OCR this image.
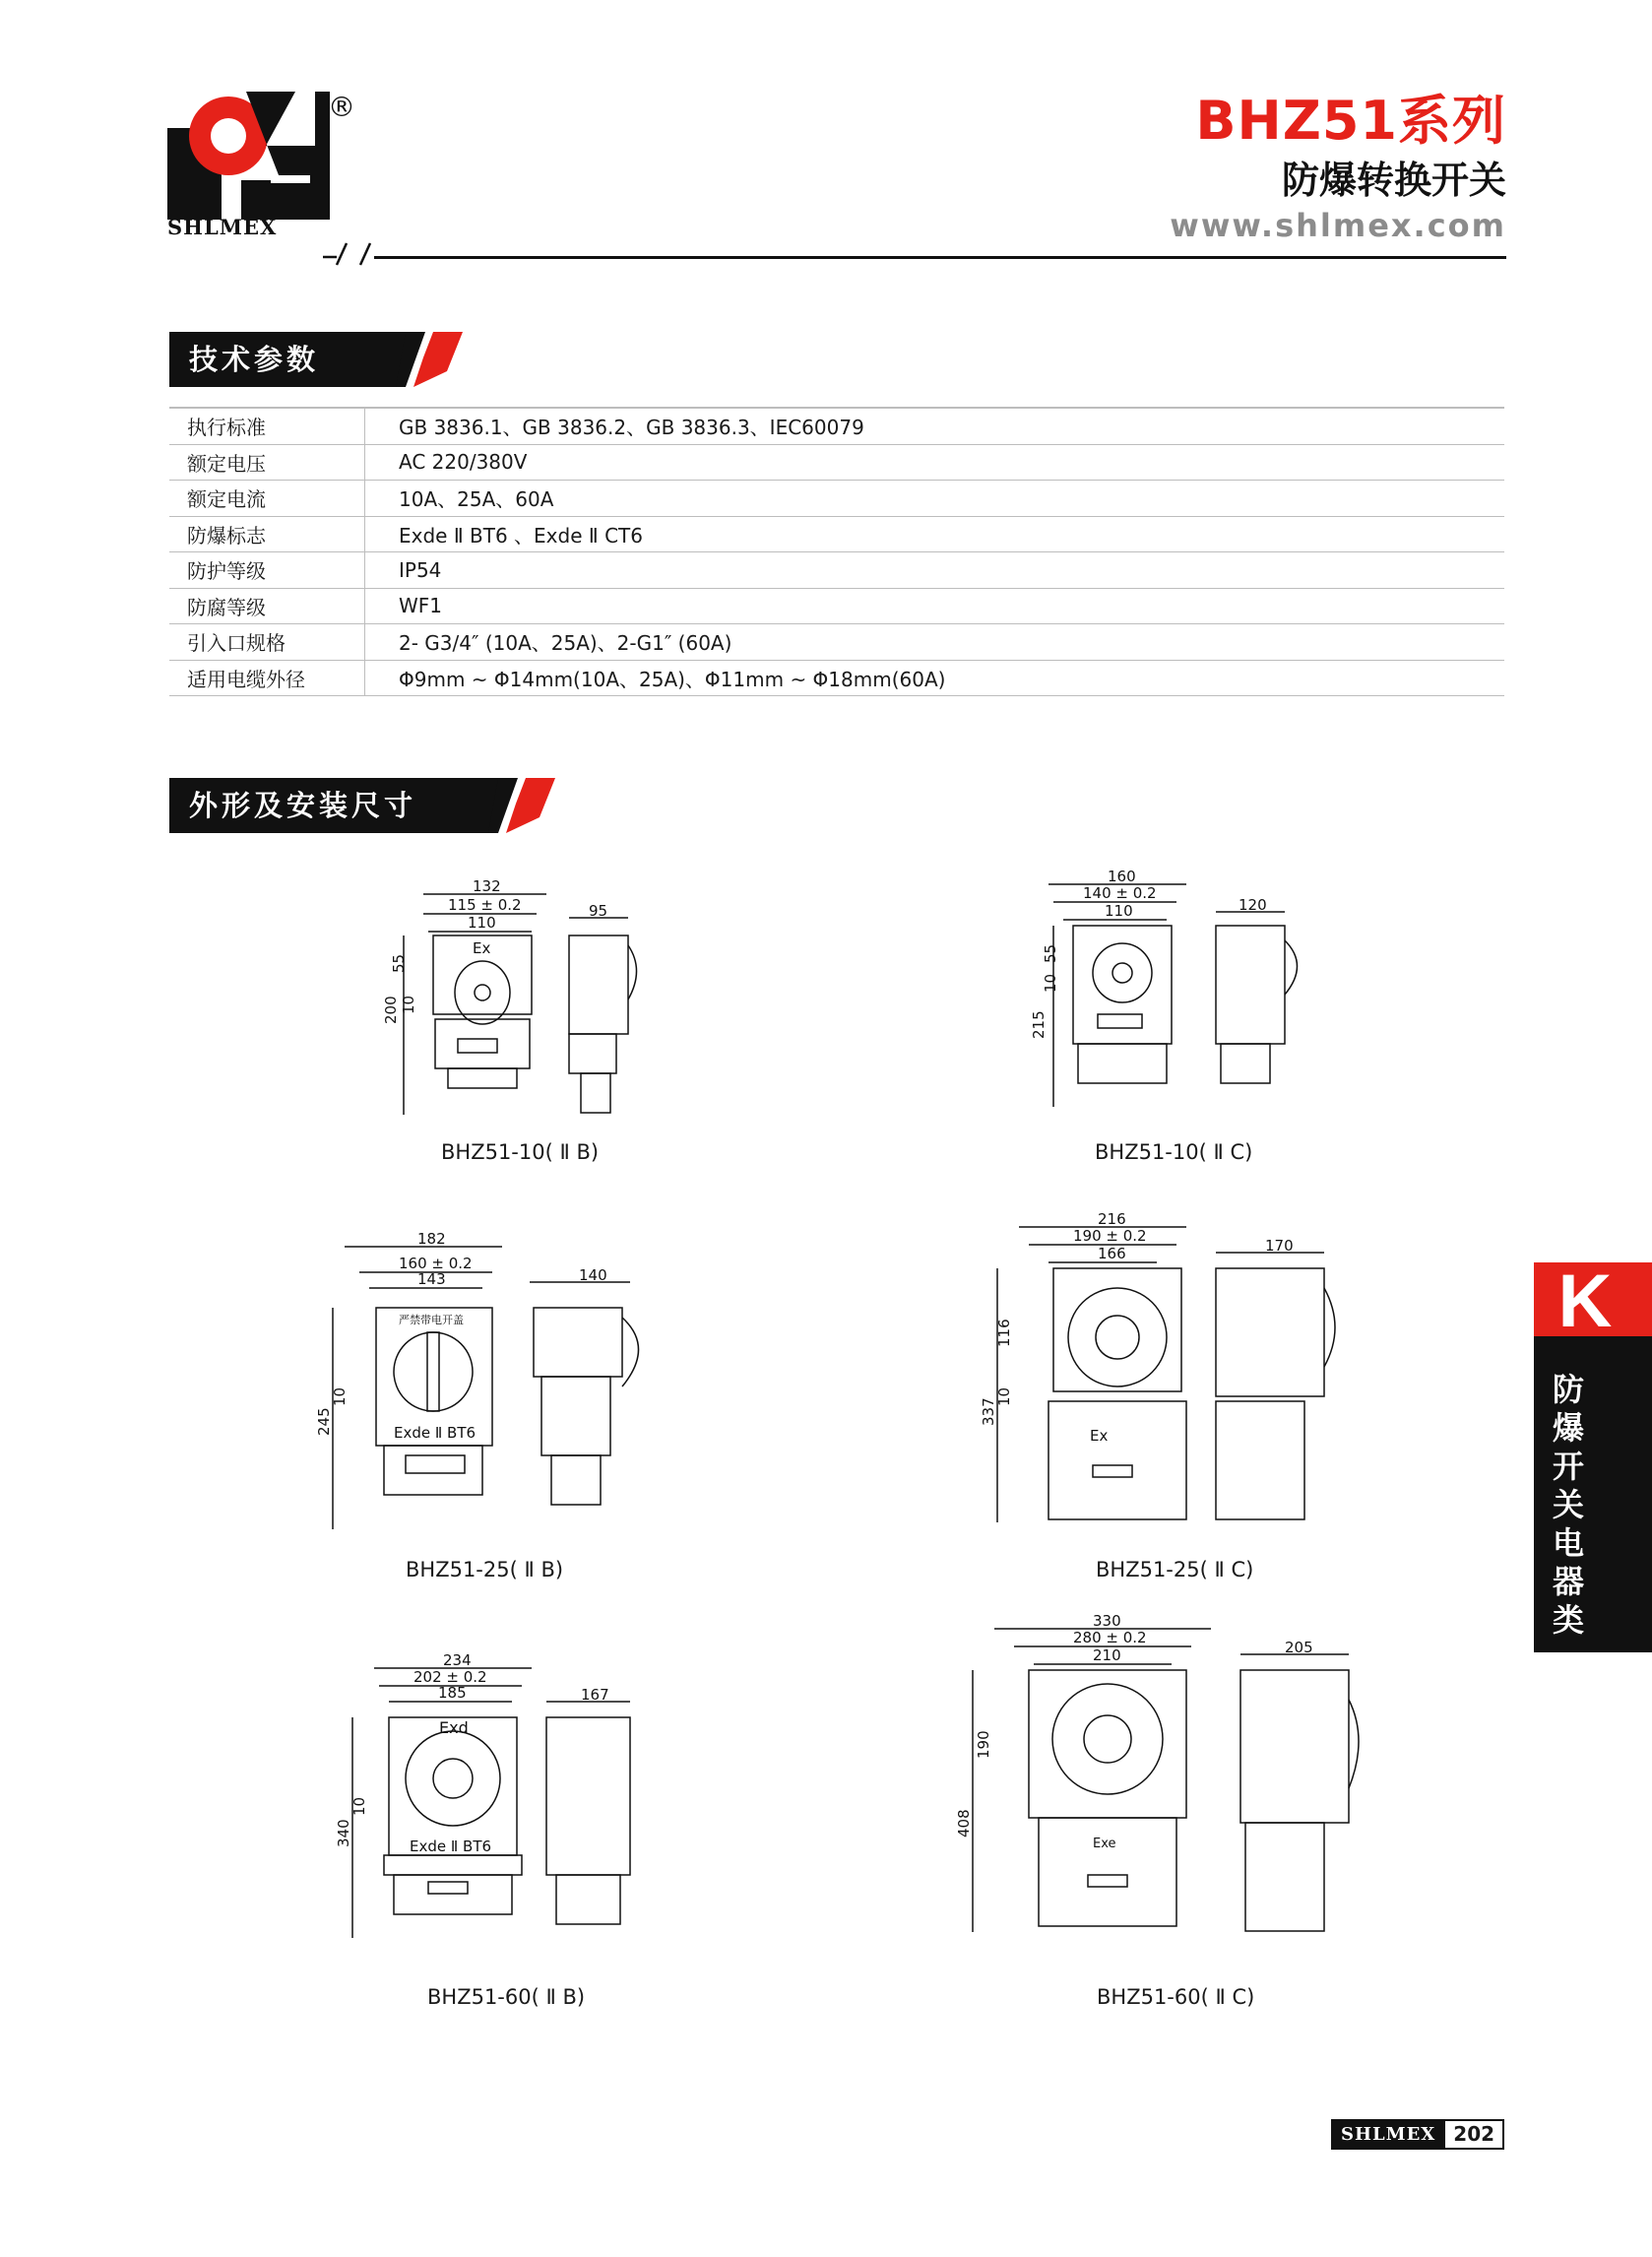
®
SHLMEX
BHZ51系列
防爆转换开关
www.shlmex.com
技术参数
执行标准	GB 3836.1、GB 3836.2、GB 3836.3、IEC60079
额定电压	AC 220/380V
额定电流	10A、25A、60A
防爆标志	Exde Ⅱ BT6 、Exde Ⅱ CT6
防护等级	IP54
防腐等级	WF1
引入口规格	2- G3/4″ (10A、25A)、2-G1″ (60A)
适用电缆外径	Φ9mm ~ Φ14mm(10A、25A)、Φ11mm ~ Φ18mm(60A)
外形及安装尺寸
132
115 ± 0.2
110
95
200
55
10
Ex
BHZ51-10( Ⅱ B)
160
140 ± 0.2
110	120
215
55
10
BHZ51-10( Ⅱ C)
182
160 ± 0.2
143	140
245
10
严禁带电开盖
Exde Ⅱ BT6
BHZ51-25( Ⅱ B)
216
190 ± 0.2
166	170
337
116
10
Ex
BHZ51-25( Ⅱ C)
234
202 ± 0.2
185	167
340
10
Exd
Exde Ⅱ BT6
BHZ51-60( Ⅱ B)
330
280 ± 0.2
210	205
408
190
Exe
BHZ51-60( Ⅱ C)
K
防爆开关电器类
SHLMEX 202
